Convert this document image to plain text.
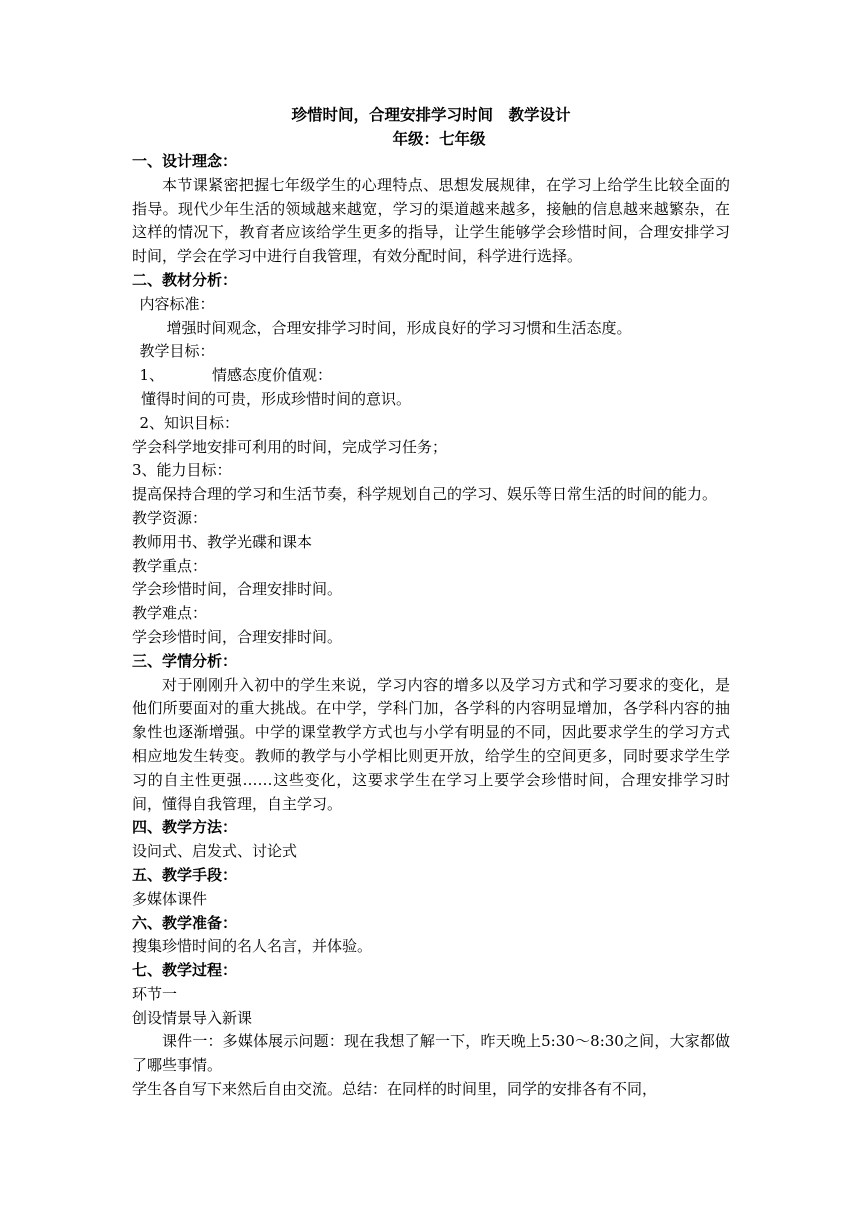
珍惜时间，合理安排学习时间　教学设计

年级：七年级

一、设计理念：

本节课紧密把握七年级学生的心理特点、思想发展规律，在学习上给学生比较全面的指导。现代少年生活的领域越来越宽，学习的渠道越来越多，接触的信息越来越繁杂，在这样的情况下，教育者应该给学生更多的指导，让学生能够学会珍惜时间，合理安排学习时间，学会在学习中进行自我管理，有效分配时间，科学进行选择。

二、教材分析：

内容标准：

增强时间观念，合理安排学习时间，形成良好的学习习惯和生活态度。

教学目标：

1、	情感态度价值观：

懂得时间的可贵，形成珍惜时间的意识。

2、知识目标：

学会科学地安排可利用的时间，完成学习任务；

3、能力目标：

提高保持合理的学习和生活节奏，科学规划自己的学习、娱乐等日常生活的时间的能力。

教学资源：

教师用书、教学光碟和课本

教学重点：

学会珍惜时间，合理安排时间。

教学难点：

学会珍惜时间，合理安排时间。

三、学情分析：

对于刚刚升入初中的学生来说，学习内容的增多以及学习方式和学习要求的变化，是他们所要面对的重大挑战。在中学，学科门加，各学科的内容明显增加，各学科内容的抽象性也逐渐增强。中学的课堂教学方式也与小学有明显的不同，因此要求学生的学习方式相应地发生转变。教师的教学与小学相比则更开放，给学生的空间更多，同时要求学生学习的自主性更强……这些变化，这要求学生在学习上要学会珍惜时间，合理安排学习时间，懂得自我管理，自主学习。

四、教学方法：

设问式、启发式、讨论式

五、教学手段：

多媒体课件

六、教学准备：

搜集珍惜时间的名人名言，并体验。

七、教学过程：

环节一

创设情景导入新课

课件一：多媒体展示问题：现在我想了解一下，昨天晚上5:30～8:30之间，大家都做了哪些事情。

学生各自写下来然后自由交流。总结：在同样的时间里，同学的安排各有不同，
